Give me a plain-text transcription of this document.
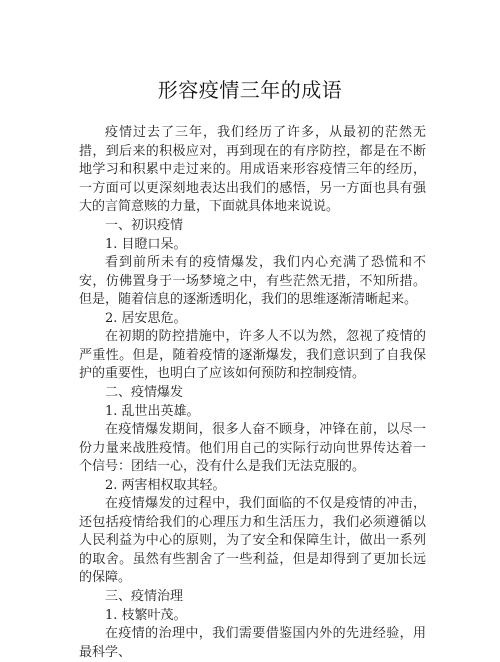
形容疫情三年的成语

疫情过去了三年，我们经历了许多，从最初的茫然无措，到后来的积极应对，再到现在的有序防控，都是在不断地学习和积累中走过来的。用成语来形容疫情三年的经历，一方面可以更深刻地表达出我们的感悟，另一方面也具有强大的言简意赅的力量，下面就具体地来说说。

一、初识疫情

1. 目瞪口呆。

看到前所未有的疫情爆发，我们内心充满了恐慌和不安，仿佛置身于一场梦境之中，有些茫然无措，不知所措。但是，随着信息的逐渐透明化，我们的思维逐渐清晰起来。

2. 居安思危。

在初期的防控措施中，许多人不以为然，忽视了疫情的严重性。但是，随着疫情的逐渐爆发，我们意识到了自我保护的重要性，也明白了应该如何预防和控制疫情。

二、疫情爆发

1. 乱世出英雄。

在疫情爆发期间，很多人奋不顾身，冲锋在前，以尽一份力量来战胜疫情。他们用自己的实际行动向世界传达着一个信号：团结一心，没有什么是我们无法克服的。

2. 两害相权取其轻。

在疫情爆发的过程中，我们面临的不仅是疫情的冲击，还包括疫情给我们的心理压力和生活压力，我们必须遵循以人民利益为中心的原则，为了安全和保障生计，做出一系列的取舍。虽然有些割舍了一些利益，但是却得到了更加长远的保障。

三、疫情治理

1. 枝繁叶茂。

在疫情的治理中，我们需要借鉴国内外的先进经验，用最科学、
